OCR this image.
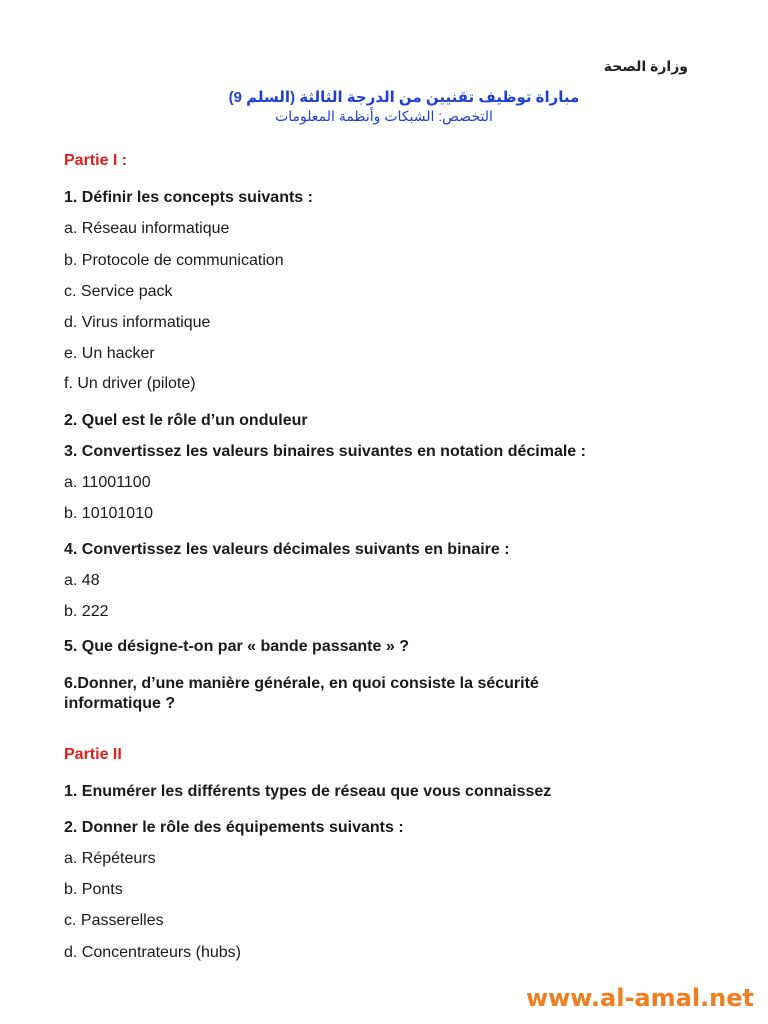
وزارة الصحة
مباراة توظيف تقنيين من الدرجة الثالثة (السلم 9)
التخصص: الشبكات وأنظمة المعلومات
Partie I :
1. Définir les concepts suivants :
a. Réseau informatique
b. Protocole de communication
c. Service pack
d. Virus informatique
e. Un hacker
f. Un driver (pilote)
2. Quel est le rôle d’un onduleur
3. Convertissez les valeurs binaires suivantes en notation décimale :
a. 11001100
b. 10101010
4. Convertissez les valeurs décimales suivants en binaire :
a. 48
b. 222
5. Que désigne-t-on par « bande passante » ?
6.Donner, d’une manière générale, en quoi consiste la sécurité
informatique ?
Partie II
1. Enumérer les différents types de réseau que vous connaissez
2. Donner le rôle des équipements suivants :
a. Répéteurs
b. Ponts
c. Passerelles
d. Concentrateurs (hubs)
www.al-amal.net
